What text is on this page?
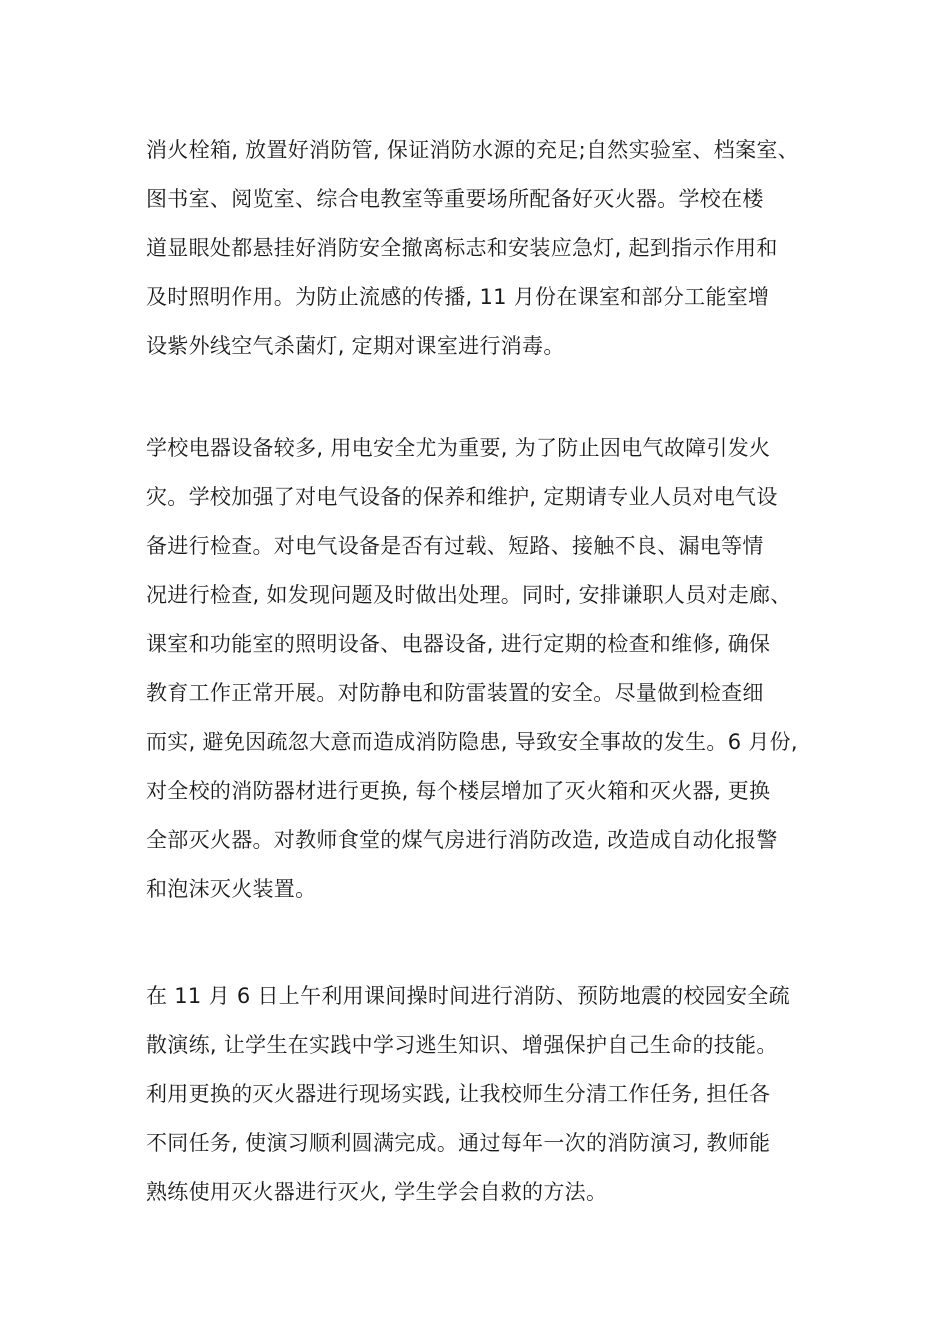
消火栓箱, 放置好消防管, 保证消防水源的充足;自然实验室、档案室、
图书室、阅览室、综合电教室等重要场所配备好灭火器。学校在楼
道显眼处都悬挂好消防安全撤离标志和安装应急灯, 起到指示作用和
及时照明作用。为防止流感的传播, 11 月份在课室和部分工能室增
设紫外线空气杀菌灯, 定期对课室进行消毒。
学校电器设备较多, 用电安全尤为重要, 为了防止因电气故障引发火
灾。学校加强了对电气设备的保养和维护, 定期请专业人员对电气设
备进行检查。对电气设备是否有过载、短路、接触不良、漏电等情
况进行检查, 如发现问题及时做出处理。同时, 安排谦职人员对走廊、
课室和功能室的照明设备、电器设备, 进行定期的检查和维修, 确保
教育工作正常开展。对防静电和防雷装置的安全。尽量做到检查细
而实, 避免因疏忽大意而造成消防隐患, 导致安全事故的发生。6 月份,
对全校的消防器材进行更换, 每个楼层增加了灭火箱和灭火器, 更换
全部灭火器。对教师食堂的煤气房进行消防改造, 改造成自动化报警
和泡沫灭火装置。
在 11 月 6 日上午利用课间操时间进行消防、预防地震的校园安全疏
散演练, 让学生在实践中学习逃生知识、增强保护自己生命的技能。
利用更换的灭火器进行现场实践, 让我校师生分清工作任务, 担任各
不同任务, 使演习顺利圆满完成。通过每年一次的消防演习, 教师能
熟练使用灭火器进行灭火, 学生学会自救的方法。
